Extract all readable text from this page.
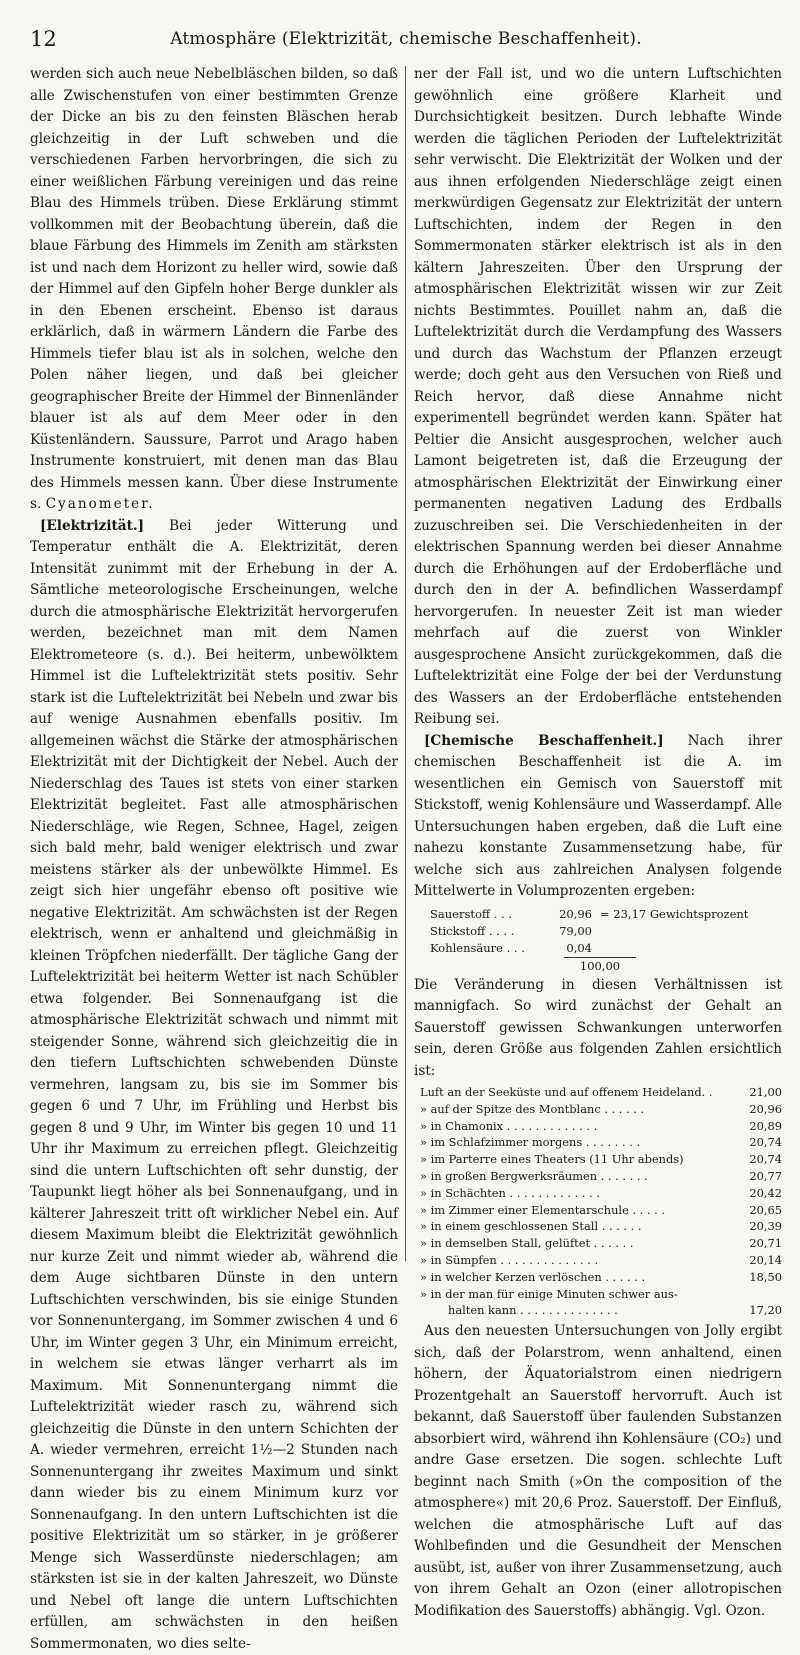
12	Atmosphäre (Elektrizität, chemische Beschaffenheit).

werden sich auch neue Nebelbläschen bilden, so daß alle Zwischenstufen von einer bestimmten Grenze der Dicke an bis zu den feinsten Bläschen herab gleichzeitig in der Luft schweben und die verschiedenen Farben hervorbringen, die sich zu einer weißlichen Färbung vereinigen und das reine Blau des Himmels trüben. Diese Erklärung stimmt vollkommen mit der Beobachtung überein, daß die blaue Färbung des Himmels im Zenith am stärksten ist und nach dem Horizont zu heller wird, sowie daß der Himmel auf den Gipfeln hoher Berge dunkler als in den Ebenen erscheint. Ebenso ist daraus erklärlich, daß in wärmern Ländern die Farbe des Himmels tiefer blau ist als in solchen, welche den Polen näher liegen, und daß bei gleicher geographischer Breite der Himmel der Binnenländer blauer ist als auf dem Meer oder in den Küstenländern. Saussure, Parrot und Arago haben Instrumente konstruiert, mit denen man das Blau des Himmels messen kann. Über diese Instrumente s. Cyanometer.

[Elektrizität.] Bei jeder Witterung und Temperatur enthält die A. Elektrizität, deren Intensität zunimmt mit der Erhebung in der A. Sämtliche meteorologische Erscheinungen, welche durch die atmosphärische Elektrizität hervorgerufen werden, bezeichnet man mit dem Namen Elektrometeore (s. d.). Bei heiterm, unbewölktem Himmel ist die Luftelektrizität stets positiv. Sehr stark ist die Luftelektrizität bei Nebeln und zwar bis auf wenige Ausnahmen ebenfalls positiv. Im allgemeinen wächst die Stärke der atmosphärischen Elektrizität mit der Dichtigkeit der Nebel. Auch der Niederschlag des Taues ist stets von einer starken Elektrizität begleitet. Fast alle atmosphärischen Niederschläge, wie Regen, Schnee, Hagel, zeigen sich bald mehr, bald weniger elektrisch und zwar meistens stärker als der unbewölkte Himmel. Es zeigt sich hier ungefähr ebenso oft positive wie negative Elektrizität. Am schwächsten ist der Regen elektrisch, wenn er anhaltend und gleichmäßig in kleinen Tröpfchen niederfällt. Der tägliche Gang der Luftelektrizität bei heiterm Wetter ist nach Schübler etwa folgender. Bei Sonnenaufgang ist die atmosphärische Elektrizität schwach und nimmt mit steigender Sonne, während sich gleichzeitig die in den tiefern Luftschichten schwebenden Dünste vermehren, langsam zu, bis sie im Sommer bis gegen 6 und 7 Uhr, im Frühling und Herbst bis gegen 8 und 9 Uhr, im Winter bis gegen 10 und 11 Uhr ihr Maximum zu erreichen pflegt. Gleichzeitig sind die untern Luftschichten oft sehr dunstig, der Taupunkt liegt höher als bei Sonnenaufgang, und in kälterer Jahreszeit tritt oft wirklicher Nebel ein. Auf diesem Maximum bleibt die Elektrizität gewöhnlich nur kurze Zeit und nimmt wieder ab, während die dem Auge sichtbaren Dünste in den untern Luftschichten verschwinden, bis sie einige Stunden vor Sonnenuntergang, im Sommer zwischen 4 und 6 Uhr, im Winter gegen 3 Uhr, ein Minimum erreicht, in welchem sie etwas länger verharrt als im Maximum. Mit Sonnenuntergang nimmt die Luftelektrizität wieder rasch zu, während sich gleichzeitig die Dünste in den untern Schichten der A. wieder vermehren, erreicht 1½—2 Stunden nach Sonnenuntergang ihr zweites Maximum und sinkt dann wieder bis zu einem Minimum kurz vor Sonnenaufgang. In den untern Luftschichten ist die positive Elektrizität um so stärker, in je größerer Menge sich Wasserdünste niederschlagen; am stärksten ist sie in der kalten Jahreszeit, wo Dünste und Nebel oft lange die untern Luftschichten erfüllen, am schwächsten in den heißen Sommermonaten, wo dies selte-

ner der Fall ist, und wo die untern Luftschichten gewöhnlich eine größere Klarheit und Durchsichtigkeit besitzen. Durch lebhafte Winde werden die täglichen Perioden der Luftelektrizität sehr verwischt. Die Elektrizität der Wolken und der aus ihnen erfolgenden Niederschläge zeigt einen merkwürdigen Gegensatz zur Elektrizität der untern Luftschichten, indem der Regen in den Sommermonaten stärker elektrisch ist als in den kältern Jahreszeiten. Über den Ursprung der atmosphärischen Elektrizität wissen wir zur Zeit nichts Bestimmtes. Pouillet nahm an, daß die Luftelektrizität durch die Verdampfung des Wassers und durch das Wachstum der Pflanzen erzeugt werde; doch geht aus den Versuchen von Rieß und Reich hervor, daß diese Annahme nicht experimentell begründet werden kann. Später hat Peltier die Ansicht ausgesprochen, welcher auch Lamont beigetreten ist, daß die Erzeugung der atmosphärischen Elektrizität der Einwirkung einer permanenten negativen Ladung des Erdballs zuzuschreiben sei. Die Verschiedenheiten in der elektrischen Spannung werden bei dieser Annahme durch die Erhöhungen auf der Erdoberfläche und durch den in der A. befindlichen Wasserdampf hervorgerufen. In neuester Zeit ist man wieder mehrfach auf die zuerst von Winkler ausgesprochene Ansicht zurückgekommen, daß die Luftelektrizität eine Folge der bei der Verdunstung des Wassers an der Erdoberfläche entstehenden Reibung sei.

[Chemische Beschaffenheit.] Nach ihrer chemischen Beschaffenheit ist die A. im wesentlichen ein Gemisch von Sauerstoff mit Stickstoff, wenig Kohlensäure und Wasserdampf. Alle Untersuchungen haben ergeben, daß die Luft eine nahezu konstante Zusammensetzung habe, für welche sich aus zahlreichen Analysen folgende Mittelwerte in Volumprozenten ergeben:

Sauerstoff . . .	20,96 = 23,17 Gewichtsprozent
Stickstoff . . . .	79,00
Kohlensäure . . .	0,04
100,00

Die Veränderung in diesen Verhältnissen ist mannigfach. So wird zunächst der Gehalt an Sauerstoff gewissen Schwankungen unterworfen sein, deren Größe aus folgenden Zahlen ersichtlich ist:

Luft an der Seeküste und auf offenem Heideland. .	21,00
» auf der Spitze des Montblanc . . . . . .	20,96
» in Chamonix . . . . . . . . . . . . .	20,89
» im Schlafzimmer morgens . . . . . . . .	20,74
» im Parterre eines Theaters (11 Uhr abends)	20,74
» in großen Bergwerksräumen . . . . . . .	20,77
» in Schächten . . . . . . . . . . . . .	20,42
» im Zimmer einer Elementarschule . . . . .	20,65
» in einem geschlossenen Stall . . . . . .	20,39
» in demselben Stall, gelüftet . . . . . .	20,71
» in Sümpfen . . . . . . . . . . . . . .	20,14
» in welcher Kerzen verlöschen . . . . . .	18,50
» in der man für einige Minuten schwer aus-
halten kann . . . . . . . . . . . . . .	17,20

Aus den neuesten Untersuchungen von Jolly ergibt sich, daß der Polarstrom, wenn anhaltend, einen höhern, der Äquatorialstrom einen niedrigern Prozentgehalt an Sauerstoff hervorruft. Auch ist bekannt, daß Sauerstoff über faulenden Substanzen absorbiert wird, während ihn Kohlensäure (CO₂) und andre Gase ersetzen. Die sogen. schlechte Luft beginnt nach Smith (»On the composition of the atmosphere«) mit 20,6 Proz. Sauerstoff. Der Einfluß, welchen die atmosphärische Luft auf das Wohlbefinden und die Gesundheit der Menschen ausübt, ist, außer von ihrer Zusammensetzung, auch von ihrem Gehalt an Ozon (einer allotropischen Modifikation des Sauerstoffs) abhängig. Vgl. Ozon.
